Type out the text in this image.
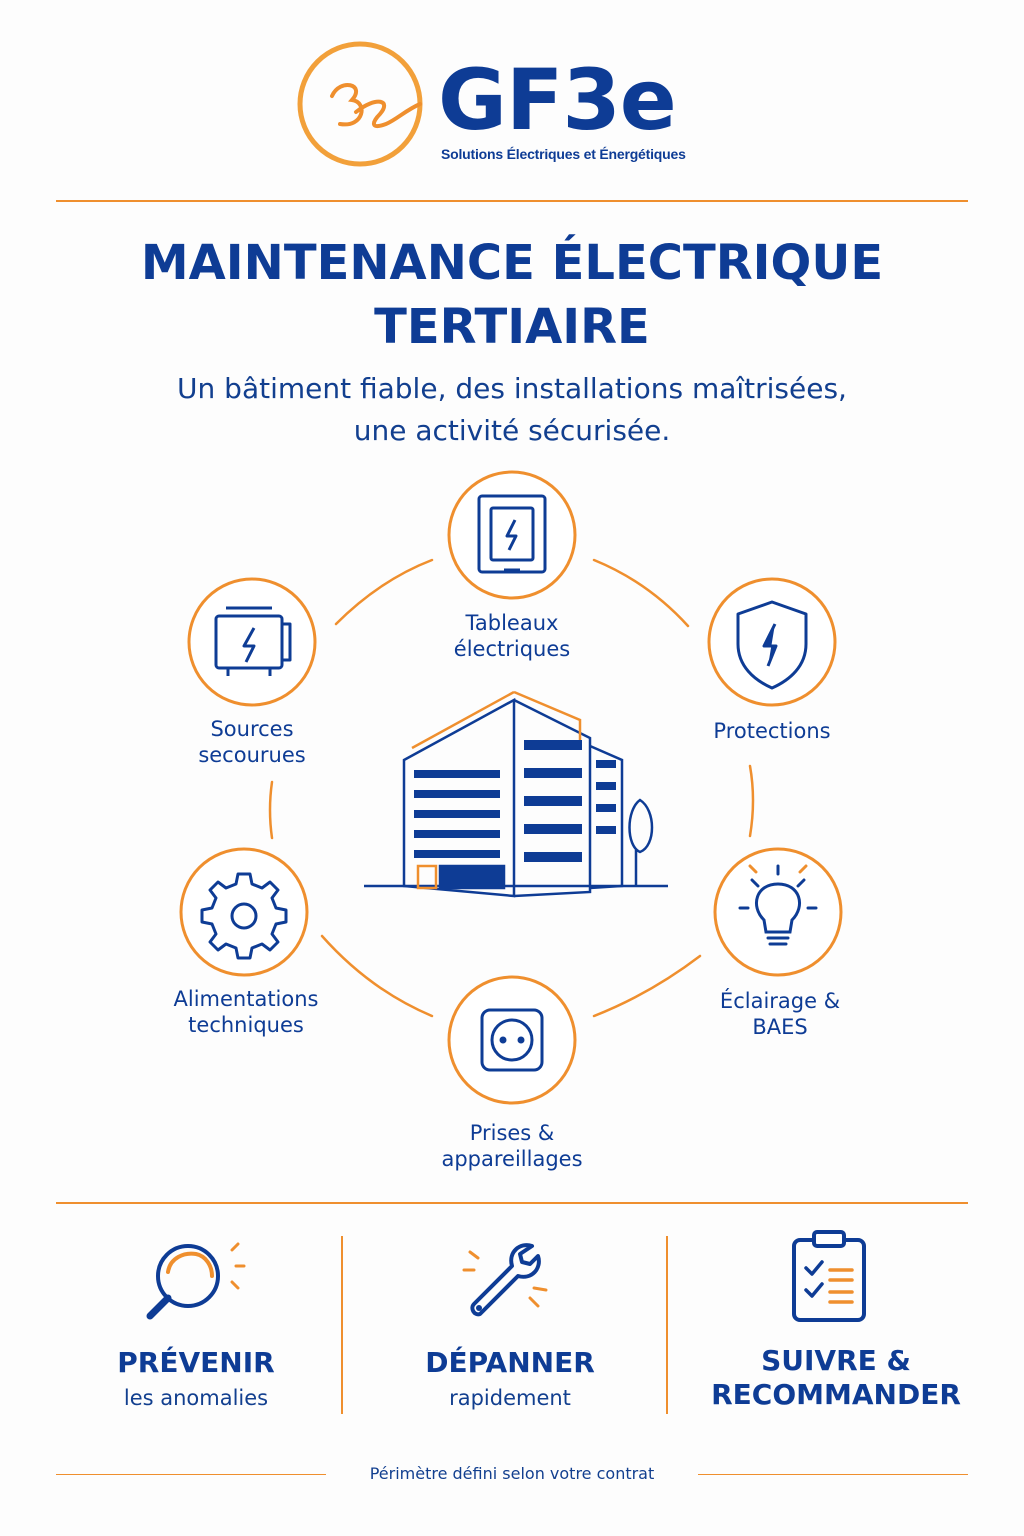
GF3e
Solutions Électriques et Énergétiques
MAINTENANCE ÉLECTRIQUE
TERTIAIRE
Un bâtiment fiable, des installations maîtrisées,
une activité sécurisée.
Tableaux
électriques
Protections
Éclairage &
BAES
Prises &
appareillages
Alimentations
techniques
Sources
secourues
PRÉVENIR
les anomalies
DÉPANNER
rapidement
SUIVRE &
RECOMMANDER
Périmètre défini selon votre contrat
